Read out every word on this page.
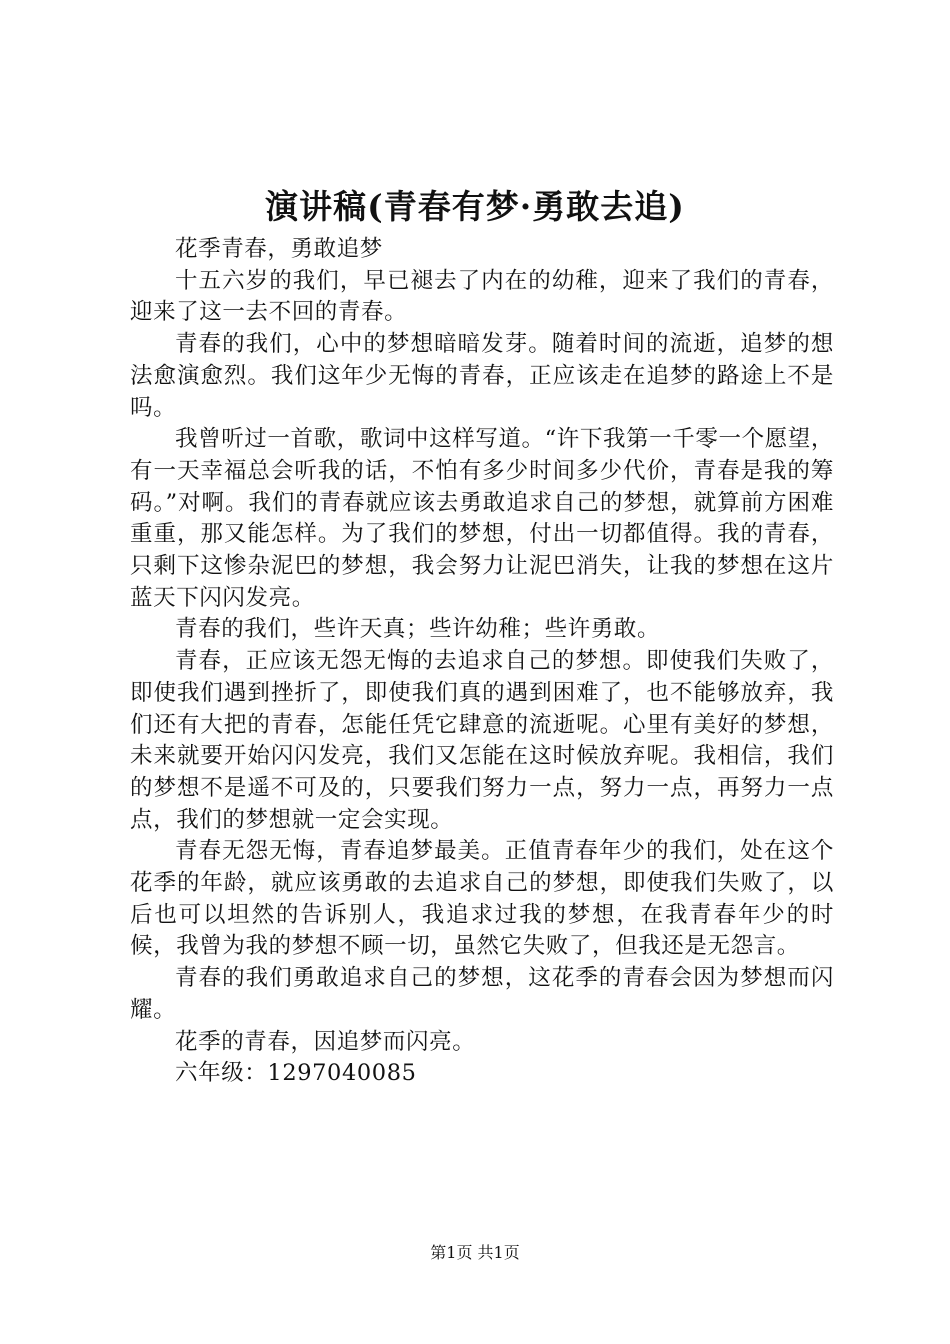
演讲稿(青春有梦·勇敢去追)

花季青春，勇敢追梦

十五六岁的我们，早已褪去了内在的幼稚，迎来了我们的青春，迎来了这一去不回的青春。

青春的我们，心中的梦想暗暗发芽。随着时间的流逝，追梦的想法愈演愈烈。我们这年少无悔的青春，正应该走在追梦的路途上不是吗。

我曾听过一首歌，歌词中这样写道。“许下我第一千零一个愿望，有一天幸福总会听我的话，不怕有多少时间多少代价，青春是我的筹码。”对啊。我们的青春就应该去勇敢追求自己的梦想，就算前方困难重重，那又能怎样。为了我们的梦想，付出一切都值得。我的青春，只剩下这惨杂泥巴的梦想，我会努力让泥巴消失，让我的梦想在这片蓝天下闪闪发亮。

青春的我们，些许天真；些许幼稚；些许勇敢。

青春，正应该无怨无悔的去追求自己的梦想。即使我们失败了，即使我们遇到挫折了，即使我们真的遇到困难了，也不能够放弃，我们还有大把的青春，怎能任凭它肆意的流逝呢。心里有美好的梦想，未来就要开始闪闪发亮，我们又怎能在这时候放弃呢。我相信，我们的梦想不是遥不可及的，只要我们努力一点，努力一点，再努力一点点，我们的梦想就一定会实现。

青春无怨无悔，青春追梦最美。正值青春年少的我们，处在这个花季的年龄，就应该勇敢的去追求自己的梦想，即使我们失败了，以后也可以坦然的告诉别人，我追求过我的梦想，在我青春年少的时候，我曾为我的梦想不顾一切，虽然它失败了，但我还是无怨言。

青春的我们勇敢追求自己的梦想，这花季的青春会因为梦想而闪耀。

花季的青春，因追梦而闪亮。

六年级：1297040085

第1页 共1页
